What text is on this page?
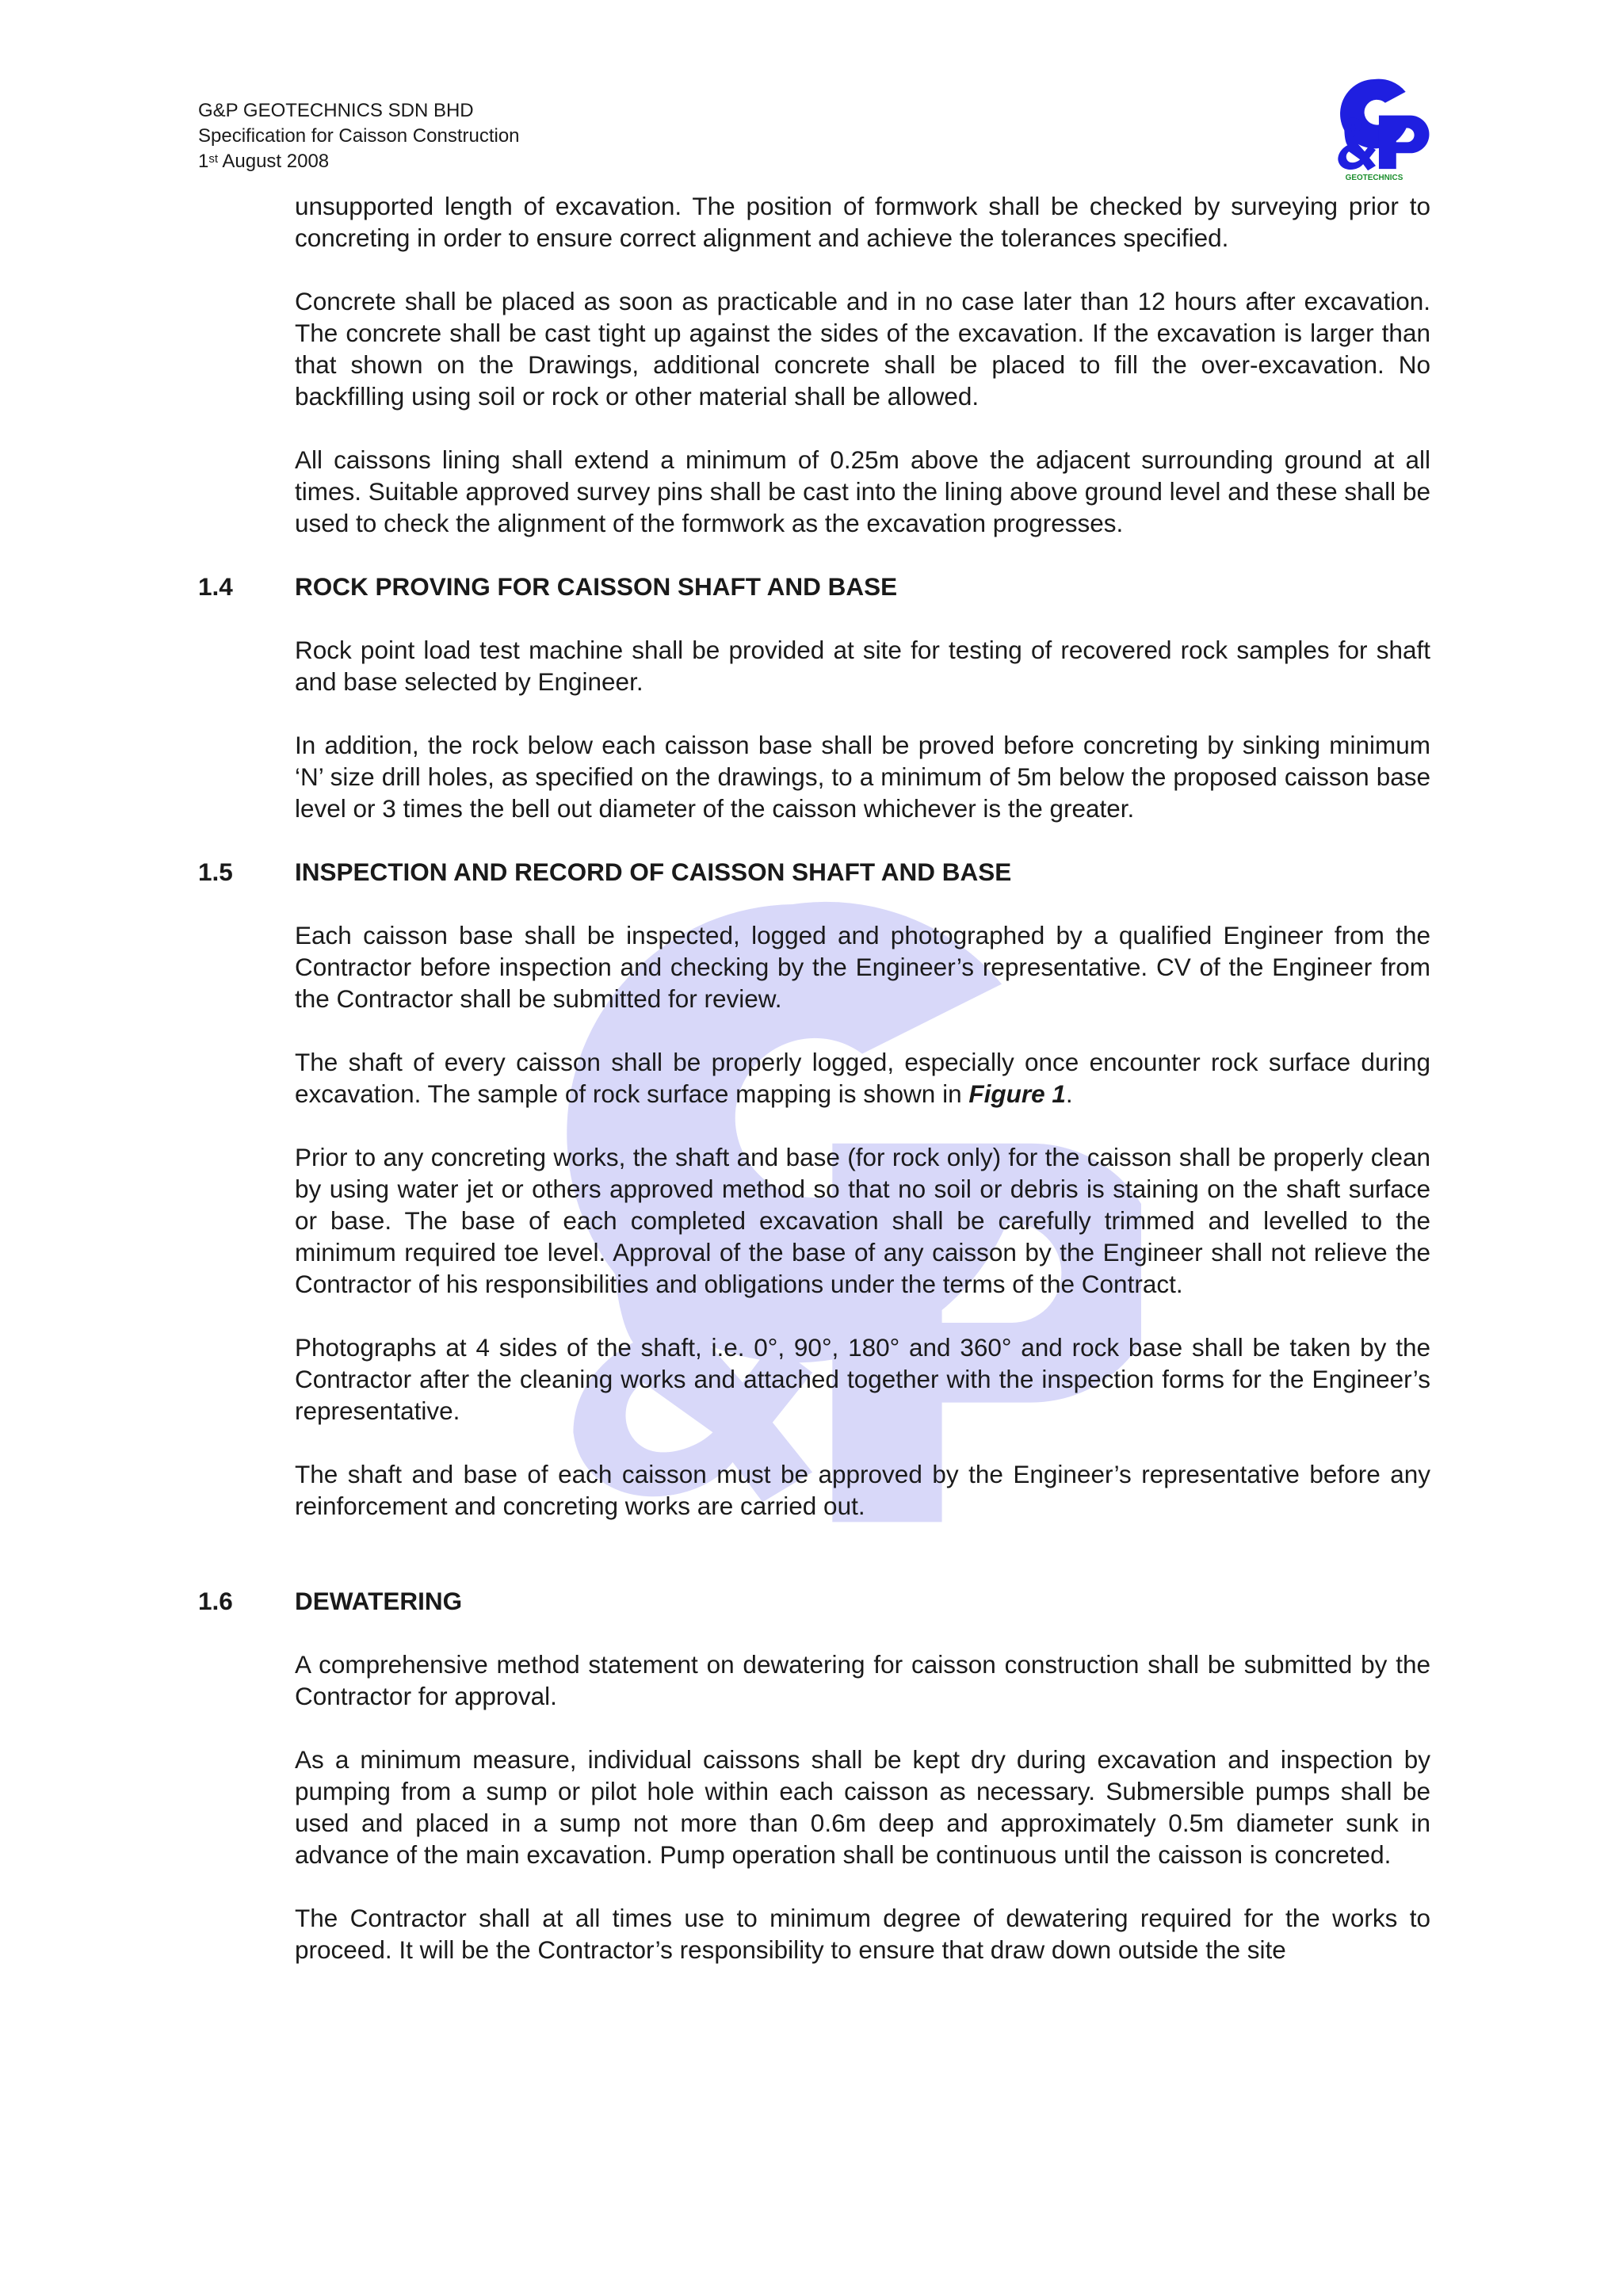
G&P GEOTECHNICS SDN BHD
Specification for Caisson Construction
1st August 2008
GEOTECHNICS

unsupported length of excavation. The position of formwork shall be checked by surveying prior to concreting in order to ensure correct alignment and achieve the tolerances specified.

Concrete shall be placed as soon as practicable and in no case later than 12 hours after excavation. The concrete shall be cast tight up against the sides of the excavation. If the excavation is larger than that shown on the Drawings, additional concrete shall be placed to fill the over-excavation. No backfilling using soil or rock or other material shall be allowed.

All caissons lining shall extend a minimum of 0.25m above the adjacent surrounding ground at all times. Suitable approved survey pins shall be cast into the lining above ground level and these shall be used to check the alignment of the formwork as the excavation progresses.

1.4	ROCK PROVING FOR CAISSON SHAFT AND BASE

Rock point load test machine shall be provided at site for testing of recovered rock samples for shaft and base selected by Engineer.

In addition, the rock below each caisson base shall be proved before concreting by sinking minimum ‘N’ size drill holes, as specified on the drawings, to a minimum of 5m below the proposed caisson base level or 3 times the bell out diameter of the caisson whichever is the greater.

1.5	INSPECTION AND RECORD OF CAISSON SHAFT AND BASE

Each caisson base shall be inspected, logged and photographed by a qualified Engineer from the Contractor before inspection and checking by the Engineer’s representative. CV of the Engineer from the Contractor shall be submitted for review.

The shaft of every caisson shall be properly logged, especially once encounter rock surface during excavation. The sample of rock surface mapping is shown in Figure 1.

Prior to any concreting works, the shaft and base (for rock only) for the caisson shall be properly clean by using water jet or others approved method so that no soil or debris is staining on the shaft surface or base. The base of each completed excavation shall be carefully trimmed and levelled to the minimum required toe level. Approval of the base of any caisson by the Engineer shall not relieve the Contractor of his responsibilities and obligations under the terms of the Contract.

Photographs at 4 sides of the shaft, i.e. 0°, 90°, 180° and 360° and rock base shall be taken by the Contractor after the cleaning works and attached together with the inspection forms for the Engineer’s representative.

The shaft and base of each caisson must be approved by the Engineer’s representative before any reinforcement and concreting works are carried out.

1.6	DEWATERING

A comprehensive method statement on dewatering for caisson construction shall be submitted by the Contractor for approval.

As a minimum measure, individual caissons shall be kept dry during excavation and inspection by pumping from a sump or pilot hole within each caisson as necessary. Submersible pumps shall be used and placed in a sump not more than 0.6m deep and approximately 0.5m diameter sunk in advance of the main excavation. Pump operation shall be continuous until the caisson is concreted.

The Contractor shall at all times use to minimum degree of dewatering required for the works to proceed. It will be the Contractor’s responsibility to ensure that draw down outside the site
